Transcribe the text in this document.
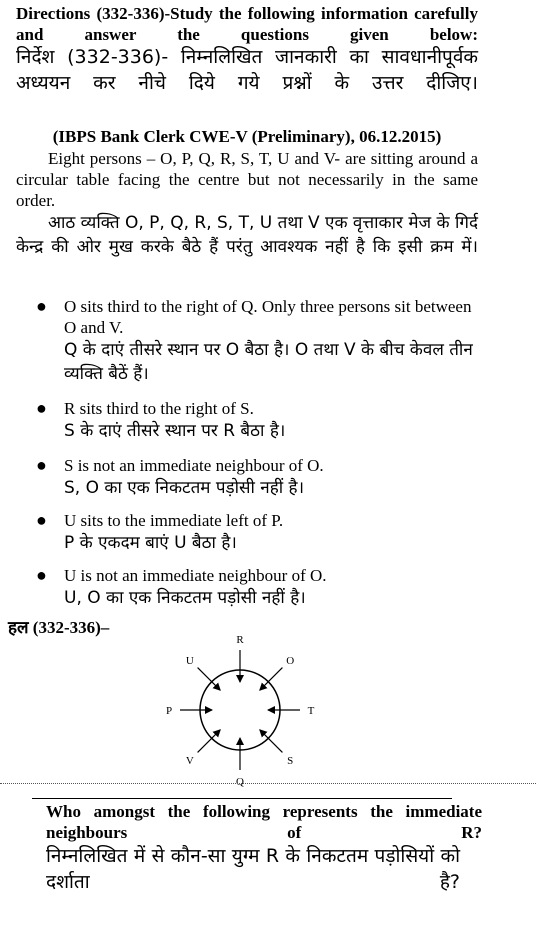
Directions (332-336)-Study the following information carefully and answer the questions given below:
निर्देश (332-336)- निम्नलिखित जानकारी का सावधानीपूर्वक अध्ययन कर नीचे दिये गये प्रश्नों के उत्तर दीजिए।
(IBPS Bank Clerk CWE-V (Preliminary), 06.12.2015)
Eight persons – O, P, Q, R, S, T, U and V- are sitting around a circular table facing the centre but not necessarily in the same order.
आठ व्यक्ति O, P, Q, R, S, T, U तथा V एक वृत्ताकार मेज के गिर्द केन्द्र की ओर मुख करके बैठे हैं परंतु आवश्यक नहीं है कि इसी क्रम में।
● O sits third to the right of Q. Only three persons sit between O and V.
Q के दाएं तीसरे स्थान पर O बैठा है। O तथा V के बीच केवल तीन व्यक्ति बैठें हैं।
● R sits third to the right of S.
S के दाएं तीसरे स्थान पर R बैठा है।
● S is not an immediate neighbour of O.
S, O का एक निकटतम पड़ोसी नहीं है।
● U sits to the immediate left of P.
P के एकदम बाएं U बैठा है।
● U is not an immediate neighbour of O.
U, O का एक निकटतम पड़ोसी नहीं है।
हल (332-336)–
R
O
T
S
Q
V
P
U
Who amongst the following represents the immediate neighbours of R?
निम्नलिखित में से कौन-सा युग्म R के निकटतम पड़ोसियों को दर्शाता है?
